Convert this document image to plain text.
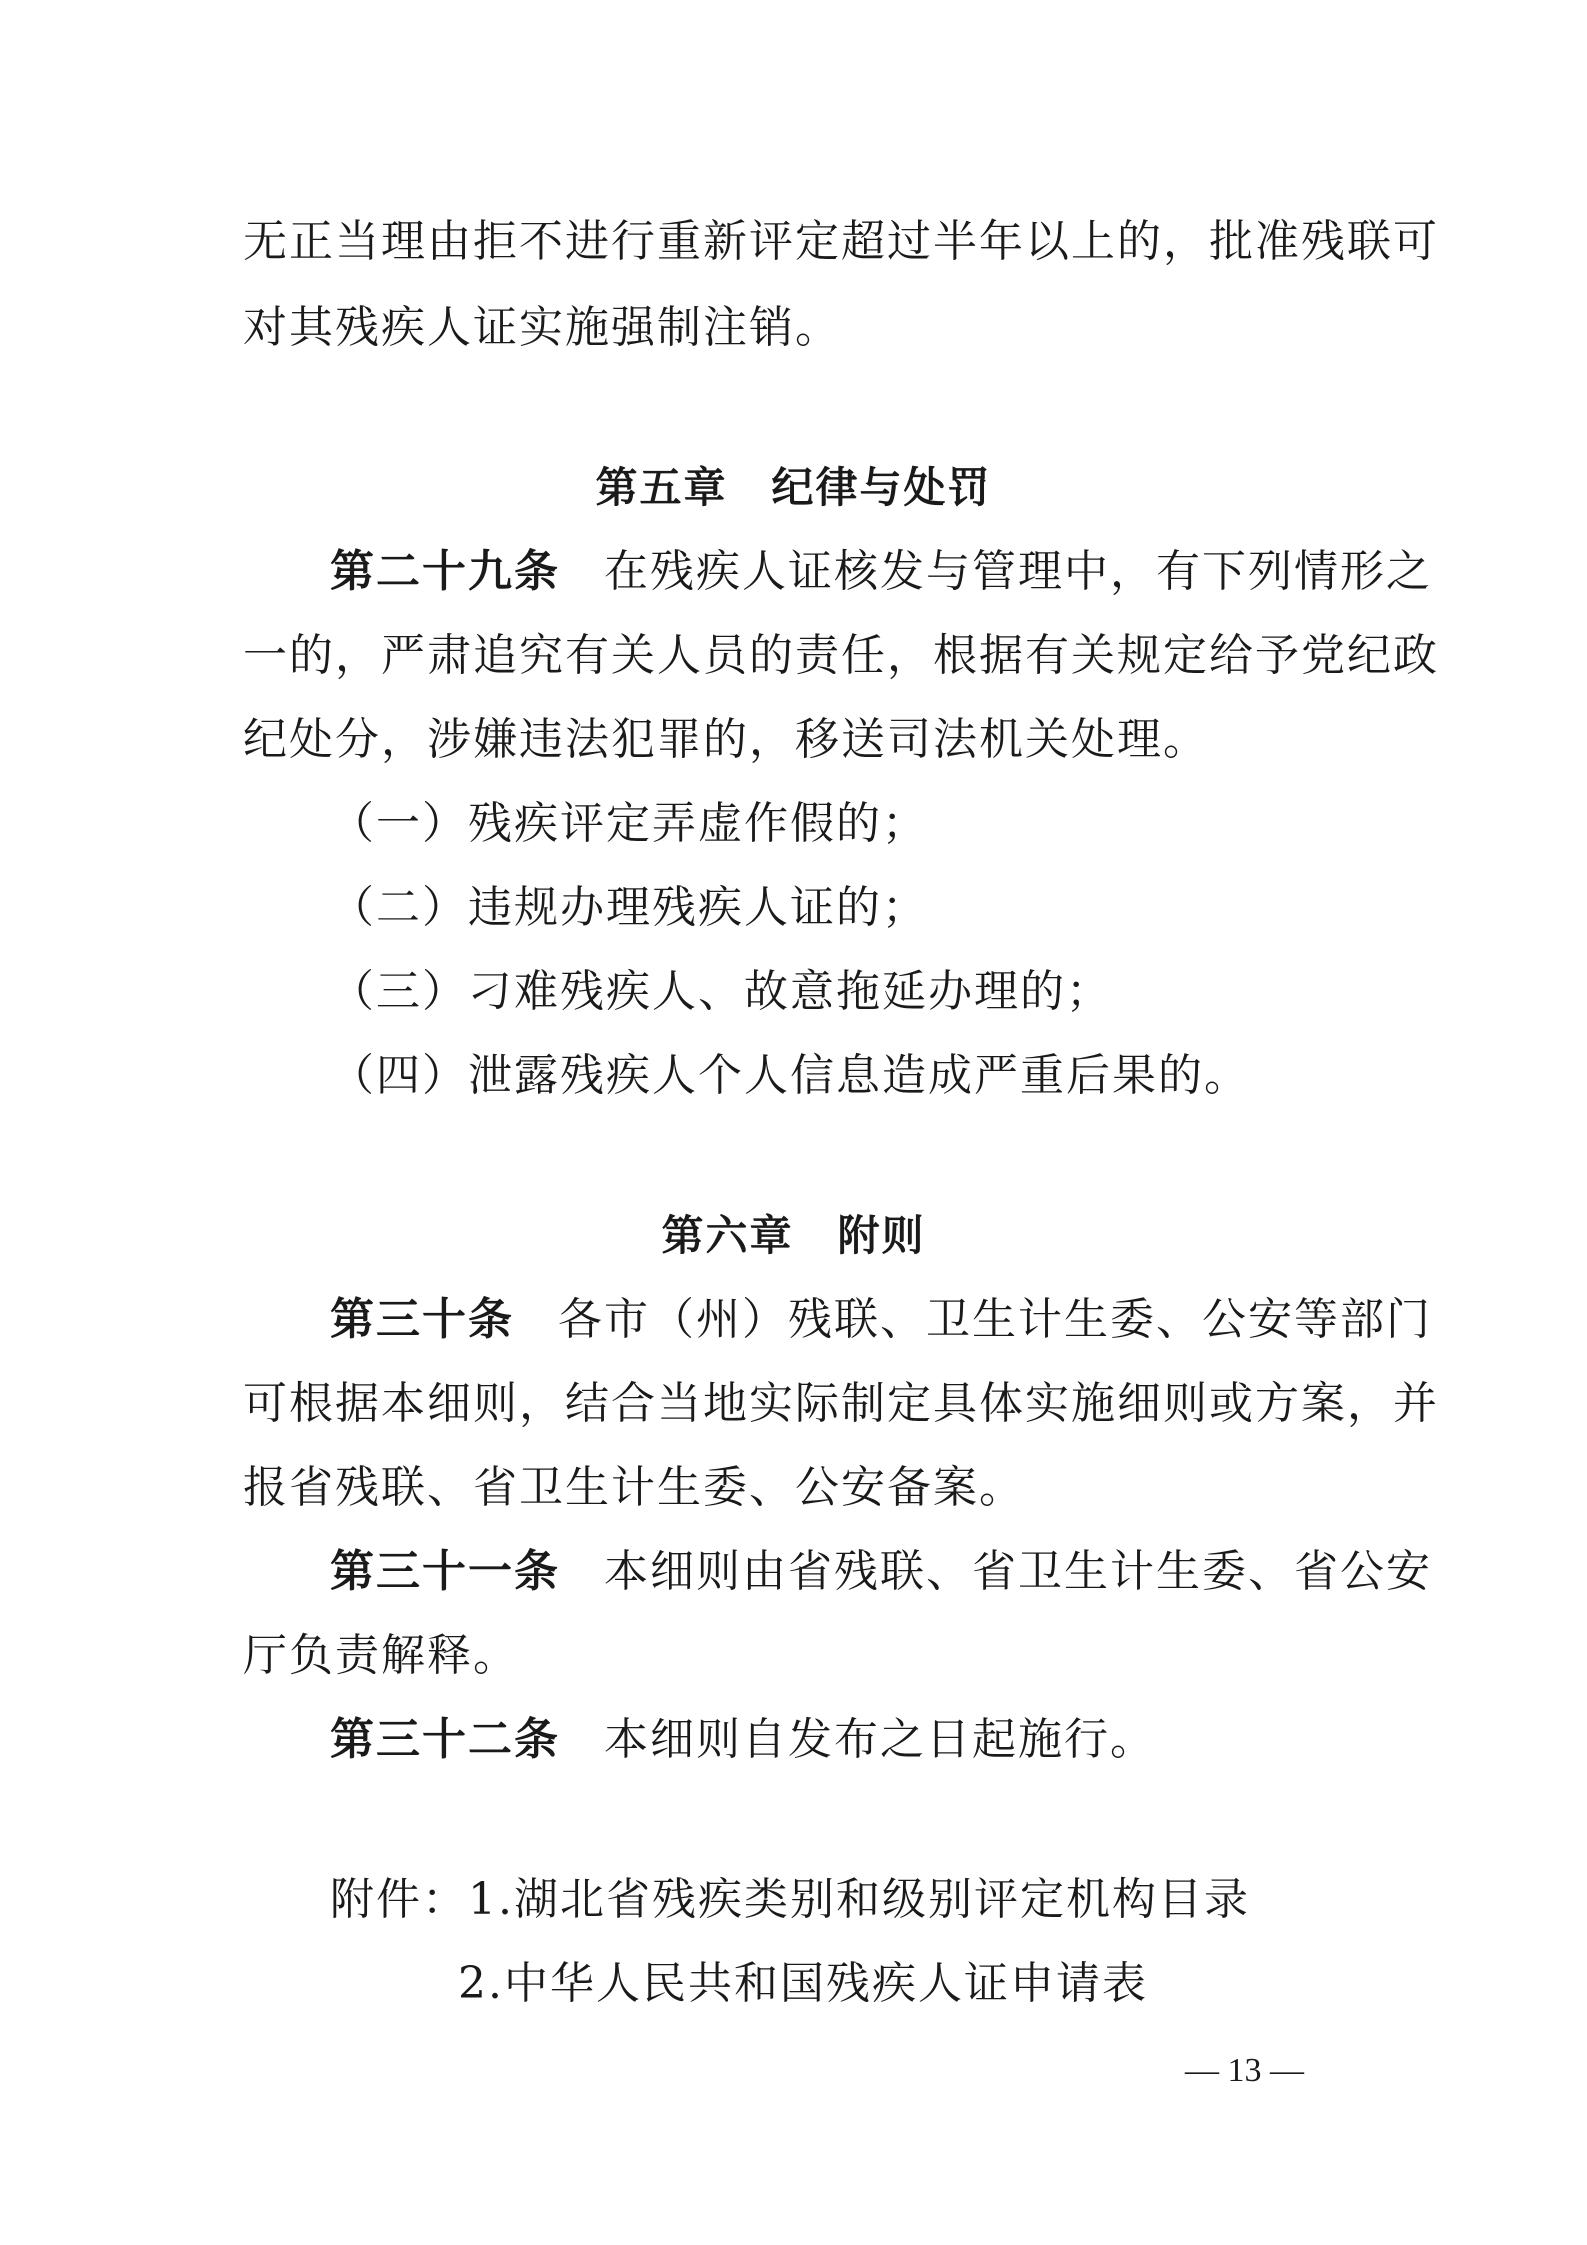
无正当理由拒不进行重新评定超过半年以上的，批准残联可
对其残疾人证实施强制注销。
第五章 纪律与处罚
第二十九条 在残疾人证核发与管理中，有下列情形之
一的，严肃追究有关人员的责任，根据有关规定给予党纪政
纪处分，涉嫌违法犯罪的，移送司法机关处理。
（一）残疾评定弄虚作假的；
（二）违规办理残疾人证的；
（三）刁难残疾人、故意拖延办理的；
（四）泄露残疾人个人信息造成严重后果的。
第六章 附则
第三十条 各市（州）残联、卫生计生委、公安等部门
可根据本细则，结合当地实际制定具体实施细则或方案，并
报省残联、省卫生计生委、公安备案。
第三十一条 本细则由省残联、省卫生计生委、省公安
厅负责解释。
第三十二条 本细则自发布之日起施行。
附件：1.湖北省残疾类别和级别评定机构目录
2.中华人民共和国残疾人证申请表
— 13 —
